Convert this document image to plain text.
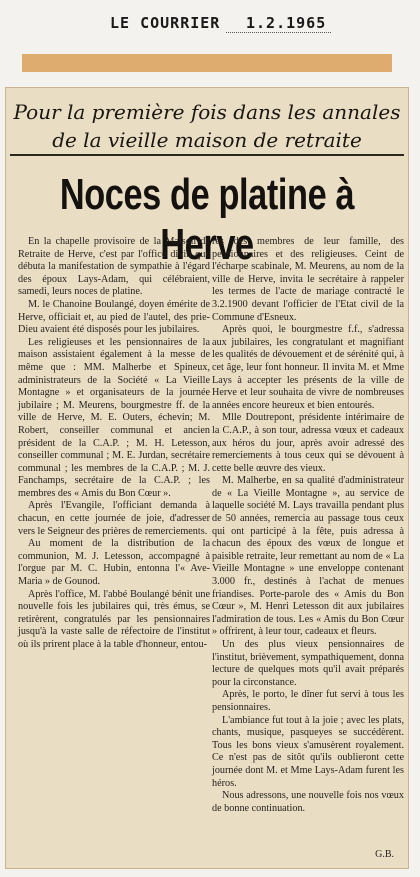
LE COURRIER 1.2.1965
Pour la première fois dans les annales de la vieille maison de retraite
Noces de platine à Herve

En la chapelle provisoire de la Maison de Retraite de Herve, c'est par l'office divin que débuta la manifestation de sympathie à l'égard des époux Lays-Adam, qui célébraient, samedi, leurs noces de platine.

M. le Chanoine Boulangé, doyen émérite de Herve, officiait et, au pied de l'autel, des prie-Dieu avaient été disposés pour les jubilaires.

Les religieuses et les pensionnaires de la maison assistaient également à la messe de même que : MM. Malherbe et Spineux, administrateurs de la Société « La Vieille Montagne » et organisateurs de la journée jubilaire ; M. Meurens, bourgmestre ff. de la ville de Herve, M. E. Outers, échevin; M. Robert, conseiller communal et ancien président de la C.A.P. ; M. H. Letesson, conseiller communal ; M. E. Jurdan, secrétaire communal ; les membres de la C.A.P. ; M. J. Fanchamps, secrétaire de la C.A.P. ; les membres des « Amis du Bon Cœur ».

Après l'Evangile, l'officiant demanda à chacun, en cette journée de joie, d'adresser vers le Seigneur des prières de remerciements.

Au moment de la distribution de la communion, M. J. Letesson, accompagné à l'orgue par M. C. Hubin, entonna l'« Ave-Maria » de Gounod.

Après l'office, M. l'abbé Boulangé bénit une nouvelle fois les jubilaires qui, très émus, se retirèrent, congratulés par les pensionnaires jusqu'à la vaste salle de réfectoire de l'institut où ils prirent place à la table d'honneur, entou-

rés des membres de leur famille, des pensionnaires et des religieuses. Ceint de l'écharpe scabinale, M. Meurens, au nom de la ville de Herve, invita le secrétaire à rappeler les termes de l'acte de mariage contracté le 3.2.1900 devant l'officier de l'Etat civil de la Commune d'Esneux.

Après quoi, le bourgmestre f.f., s'adressa aux jubilaires, les congratulant et magnifiant les qualités de dévouement et de sérénité qui, à cet âge, leur font honneur. Il invita M. et Mme Lays à accepter les présents de la ville de Herve et leur souhaita de vivre de nombreuses années encore heureux et bien entourés.

Mlle Doutrepont, présidente intérimaire de la C.A.P., à son tour, adressa vœux et cadeaux aux héros du jour, après avoir adressé des remerciements à tous ceux qui se dévouent à cette belle œuvre des vieux.

M. Malherbe, en sa qualité d'administrateur de « La Vieille Montagne », au service de laquelle société M. Lays travailla pendant plus de 50 années, remercia au passage tous ceux qui ont participé à la fête, puis adressa à chacun des époux des vœux de longue et paisible retraite, leur remettant au nom de « La Vieille Montagne » une enveloppe contenant 3.000 fr., destinés à l'achat de menues friandises. Porte-parole des « Amis du Bon Cœur », M. Henri Letesson dit aux jubilaires l'admiration de tous. Les « Amis du Bon Cœur » offrirent, à leur tour, cadeaux et fleurs.

Un des plus vieux pensionnaires de l'institut, brièvement, sympathiquement, donna lecture de quelques mots qu'il avait préparés pour la circonstance.

Après, le porto, le dîner fut servi à tous les pensionnaires.

L'ambiance fut tout à la joie ; avec les plats, chants, musique, pasqueyes se succédèrent. Tous les bons vieux s'amusèrent royalement. Ce n'est pas de sitôt qu'ils oublieront cette journée dont M. et Mme Lays-Adam furent les héros.

Nous adressons, une nouvelle fois nos vœux de bonne continuation.

G.B.
